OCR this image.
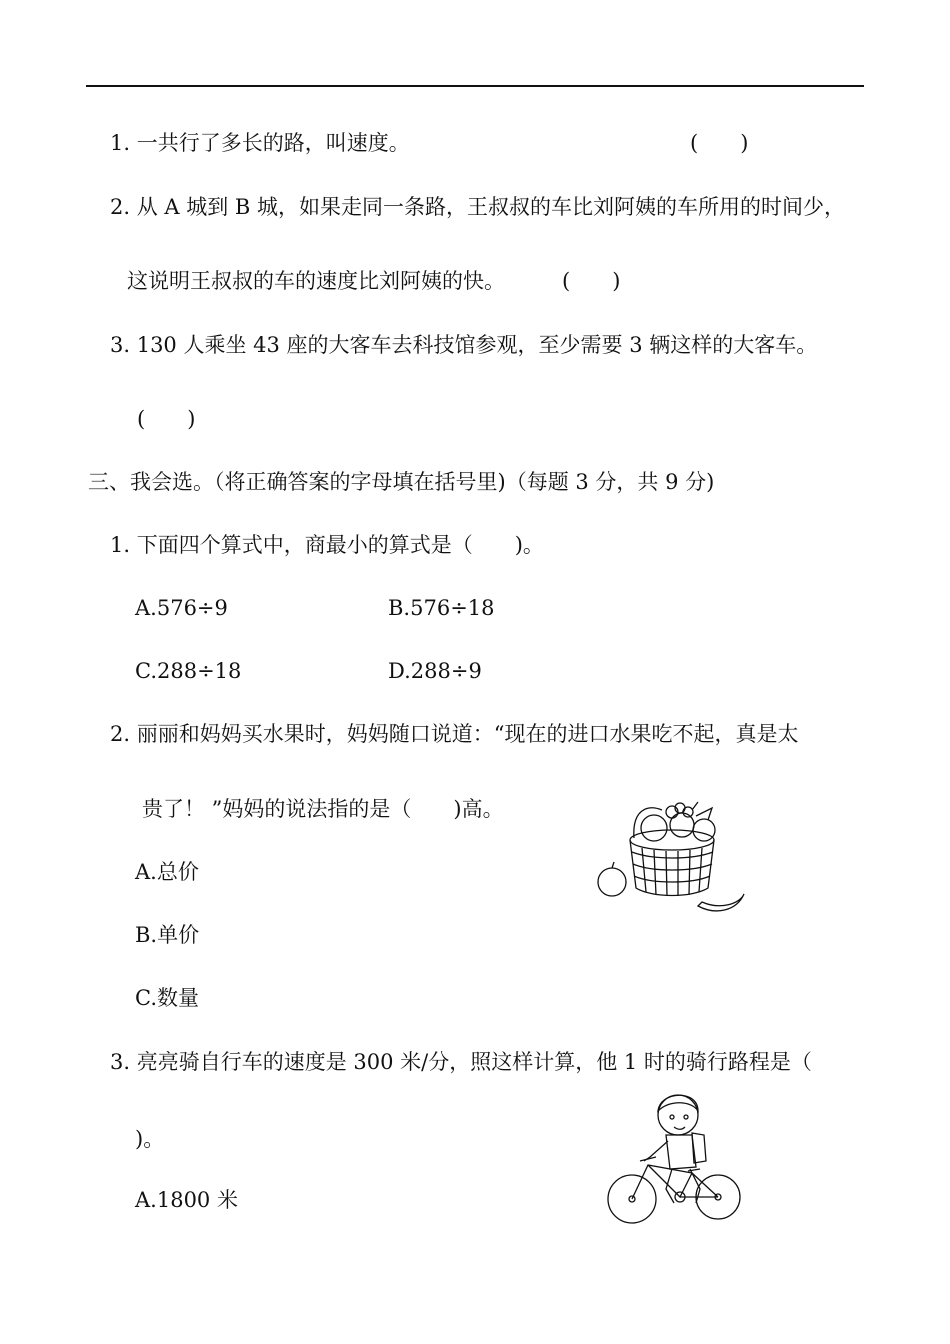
1. 一共行了多长的路，叫速度。	(　　)
2. 从 A 城到 B 城，如果走同一条路，王叔叔的车比刘阿姨的车所用的时间少，
这说明王叔叔的车的速度比刘阿姨的快。	(　　)
3. 130 人乘坐 43 座的大客车去科技馆参观，至少需要 3 辆这样的大客车。
(　　)
三、我会选。（将正确答案的字母填在括号里)（每题 3 分，共 9 分)
1. 下面四个算式中，商最小的算式是（　　)。
A.576÷9	B.576÷18
C.288÷18	D.288÷9
2. 丽丽和妈妈买水果时，妈妈随口说道：“现在的进口水果吃不起，真是太
贵了！ ”妈妈的说法指的是（　　)高。
A.总价
B.单价
C.数量
3. 亮亮骑自行车的速度是 300 米/分，照这样计算，他 1 时的骑行路程是（
)。
A.1800 米
